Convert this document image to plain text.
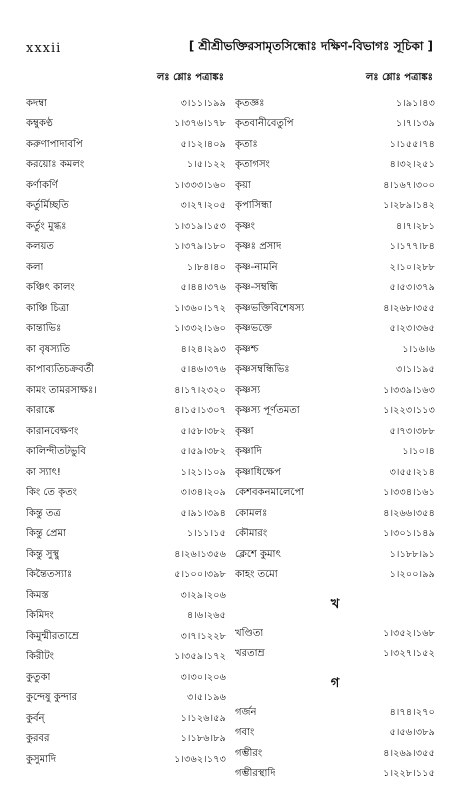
xxxii	[ শ্রীশ্রীভক্তিরসামৃতসিন্ধোঃ দক্ষিণ-বিভাগঃ সূচিকা ]
লঃ শ্লোঃ পত্রাঙ্কঃ
কদম্বা	৩।১১।১৯৯
কম্বুকণ্ঠ	১।৩৭৬।১৭৮
করুণাপাদাবপি	৫।১২।৪০৯
করয়োঃ কমলং	১।৫।১২২
কর্ণাকর্ণি	১।৩৩৩।১৬০
কর্তুর্মিচ্ছতি	৩।২৭।২০৫
কর্তুং মুগ্ধঃ	১।৩১৯।১৫৩
কলয়ত	১।৩৭৯।১৮০
কলা	১।৮৪।৪০
কঞ্চিৎ কালং	৫।৪৪।৩৭৬
কাঞ্চি চিত্রা	১।৩৬০।১৭২
কান্তাভিঃ	১।৩৩২।১৬০
কা বৃষস্যতি	৪।২৪।২৯৩
কাপাব্যতিচক্রবর্তী	৫।৪৬।৩৭৬
কামং তামরসাক্ষঃ।	৪।১৭।২৩২০
কারাঙ্কে	৪।১৫।১৩০৭
কারানবেক্ষণং	৫।৫৮।৩৮২
কালিন্দীতটভুবি	৫।৫৯।৩৮২
কা স্যাৎ!	১।২১।১০৯
কিং তে কৃতং	৩।৩৪।২০৯
কিন্তু তত্র	৫।৯১।৩৯৪
কিন্তু প্রেমা	১।১১।১৫
কিন্তু সুস্থু	৪।২৬।১৩৫৬
কিন্তৈতস্যাঃ	৫।১০০।৩৯৮
কিমস্ত	৩।২৯।২০৬
কিমিদং	৪।৬।২৬৫
কিমুন্মীরতাম্রে	৩।৭।১২২৮
কিরীটং	১।৩৫৯।১৭২
কুতুকা	৩।৩০।২০৬
কুন্দেষু কুন্দার	৩।৫।১৯৬
কুর্বন্	১।১২৬।৫৯
কুরবর	১।১৮৬।৮৯
কুসুমাদি	১।৩৬২।১৭৩
লঃ শ্লোঃ পত্রাঙ্কঃ
কৃতজ্ঞঃ	১।৯১।৪৩
কৃতবানীবেতুপি	১।৭।১৩৯
কৃতাঃ	১।১৫৫।৭৪
কৃতাগসং	৪।৩২।২৫১
কৃয়া	৪।১৬৭।৩০০
কৃপাসিন্ধা	১।২৮৯।১৪২
কৃষ্ণং	৪।৭।২৮১
কৃষ্ণঃ প্রসাদ	১।১৭৭।৮৪
কৃষ্ণ-নামনি	২।১০।২৮৮
কৃষ্ণ-সম্বন্ধি	৫।৫৩।৩৭৯
কৃষ্ণভক্তিবিশেষস্য	৪।২৬৮।৩৫৫
কৃষ্ণভক্তে	৫।২৩।৩৬৫
কৃষ্ণশ্চ	১।১৬।৬
কৃষ্ণসম্বন্ধিভিঃ	৩।১।১৯৫
কৃষ্ণস্য	১।৩৩৯।১৬৩
কৃষ্ণস্য পূর্ণতমতা	১।২২৩।১১৩
কৃষ্ণা	৫।৭৩।৩৮৮
কৃষ্ণাদি	১।১০।৪
কৃষ্ণাধিক্ষেপ	৩।৫৫।২১৪
কেশবকনমালেপো	১।৩৩৪।১৬১
কোমলঃ	৪।২৬৬।৩৫৪
কৌমারং	১।৩০১।১৪৯
ক্লেশে কুমাৎ	১।১৮৮।৯১
কাহং তমো	১।২০০।৯৯
খ
খণ্ডিতা	১।৩৫২।১৬৮
খরতাম্র	১।৩২৭।১৫২
গ
গর্জন	৪।৭৪।২৭০
গবাং	৫।৫৬।৩৮৯
গম্ভীরং	৪।২৬৯।৩৫৫
গম্ভীরস্থাদি	১।২২৮।১১৫
